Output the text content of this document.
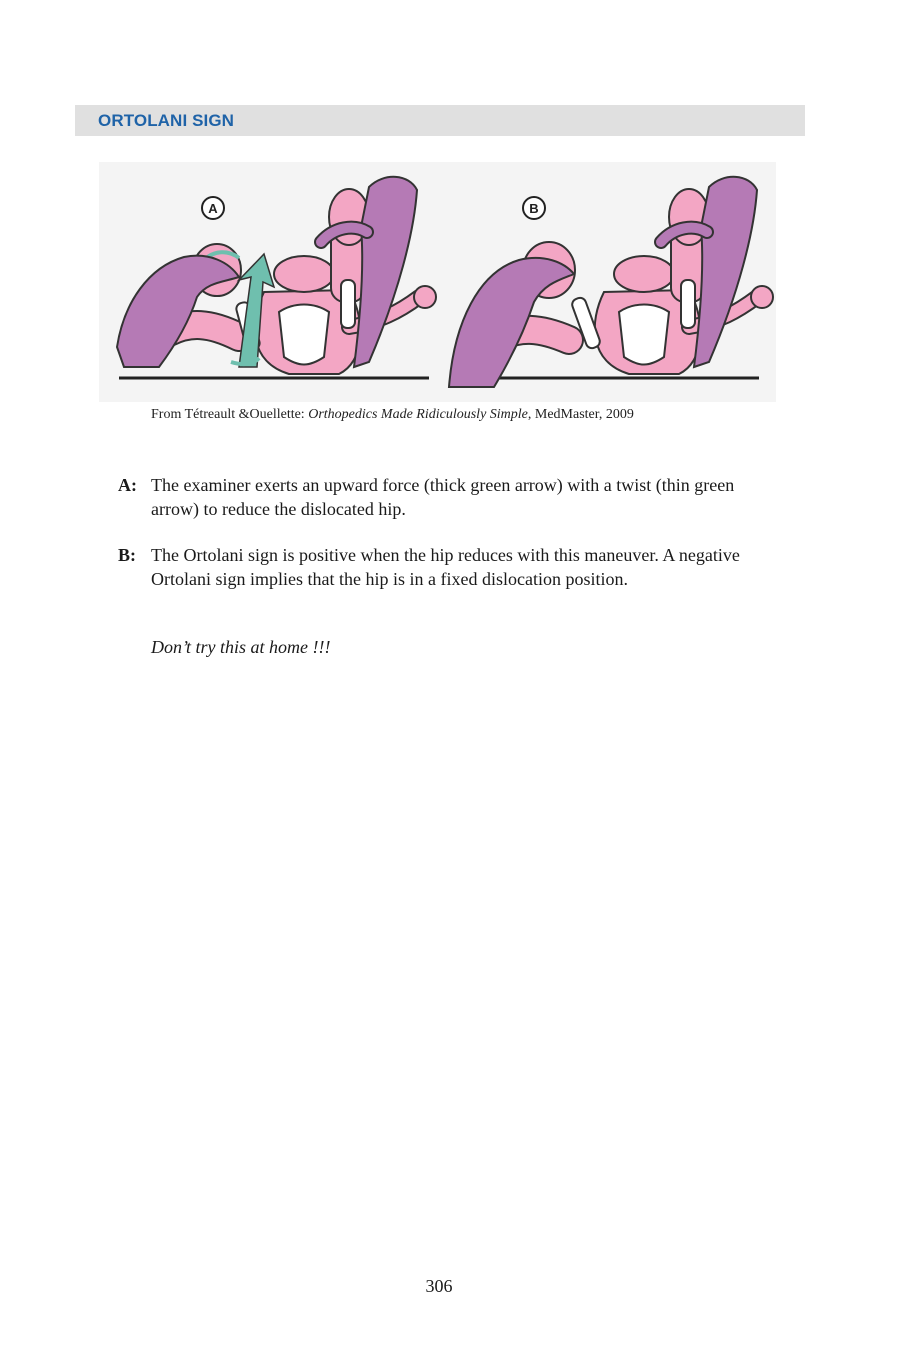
ORTOLANI SIGN
A	B
From Tétreault &Ouellette: Orthopedics Made Ridiculously Simple, MedMaster, 2009
A: The examiner exerts an upward force (thick green arrow) with a twist (thin green arrow) to reduce the dislocated hip.
B: The Ortolani sign is positive when the hip reduces with this maneuver. A negative Ortolani sign implies that the hip is in a fixed dislocation position.
Don’t try this at home !!!
306
